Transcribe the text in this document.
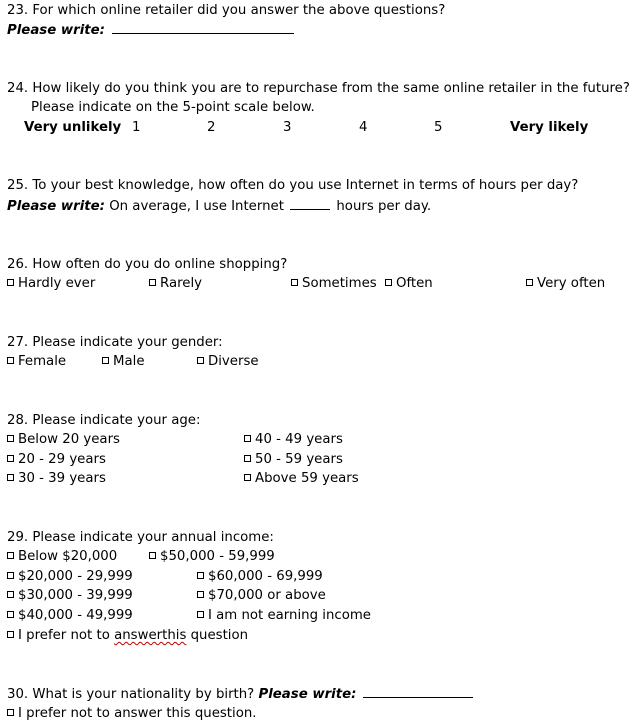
23. For which online retailer did you answer the above questions?
Please write:
24. How likely do you think you are to repurchase from the same online retailer in the future?
Please indicate on the 5-point scale below.
Very unlikely 1	2	3	4	5	Very likely
25. To your best knowledge, how often do you use Internet in terms of hours per day?
Please write: On average, I use Internet	hours per day.
26. How often do you do online shopping?
Hardly ever	Rarely	Sometimes	Often	Very often
27. Please indicate your gender:
Female	Male	Diverse
28. Please indicate your age:
Below 20 years
20 - 29 years
30 - 39 years
40 - 49 years
50 - 59 years
Above 59 years
29. Please indicate your annual income:
Below $20,000	$50,000 - 59,999
$20,000 - 29,999	$60,000 - 69,999
$30,000 - 39,999	$70,000 or above
$40,000 - 49,999	I am not earning income
I prefer not to answerthis question
30. What is your nationality by birth? Please write:
I prefer not to answer this question.
